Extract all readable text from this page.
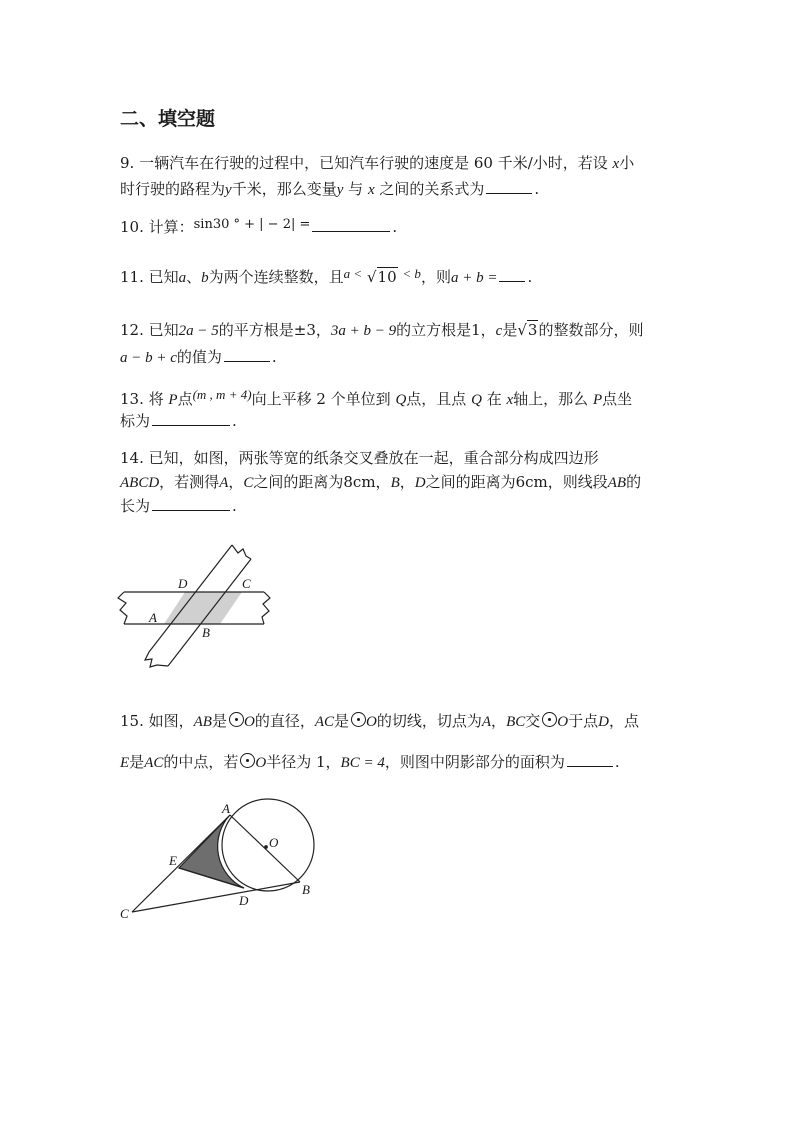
二、填空题
9. 一辆汽车在行驶的过程中，已知汽车行驶的速度是 60 千米/小时，若设 x小
时行驶的路程为y千米，那么变量y 与 x 之间的关系式为	.
10. 计算：sin30 ° + | − 2| =	.
11. 已知a、b为两个连续整数，且a < √10 < b，则a + b = .
12. 已知2a − 5的平方根是±3，3a + b − 9的立方根是1，c是√3的整数部分，则
a − b + c的值为	.
13. 将 P点(m , m + 4)向上平移 2 个单位到 Q点，且点 Q 在 x轴上，那么 P点坐
标为	.
14. 已知，如图，两张等宽的纸条交叉叠放在一起，重合部分构成四边形
ABCD，若测得A，C之间的距离为8cm，B，D之间的距离为6cm，则线段AB的
长为	.
D	C
A
B
15. 如图，AB是 O的直径，AC是 O的切线，切点为A，BC交 O于点D，点
E是AC的中点，若 O半径为 1，BC = 4，则图中阴影部分的面积为	.
A
O
E
D
B
C
